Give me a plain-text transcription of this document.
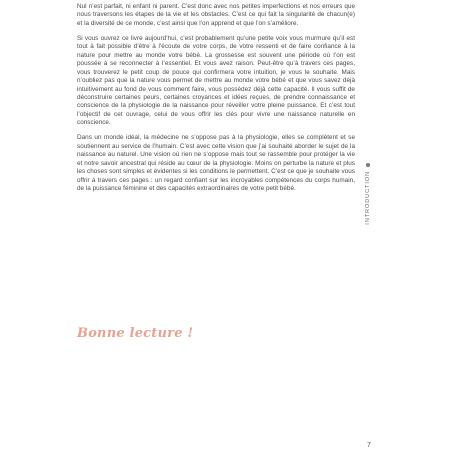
Nul n’est parfait, ni enfant ni parent. C’est donc avec nos petites imperfections et nos erreurs que nous traversons les étapes de la vie et les obstacles. C’est ce qui fait la singularité de chacun(e) et la diversité de ce monde, c’est ainsi que l’on apprend et que l’on s’améliore.

Si vous ouvrez ce livre aujourd’hui, c’est probablement qu’une petite voix vous murmure qu’il est tout à fait possible d’être à l’écoute de votre corps, de votre ressenti et de faire confiance à la nature pour mettre au monde votre bébé. La grossesse est souvent une période où l’on est poussée à se reconnecter à l’essentiel. Et vous avez raison. Peut-être qu’à travers ces pages, vous trouverez le petit coup de pouce qui confirmera votre intuition, je vous le souhaite. Mais n’oubliez pas que la nature vous permet de mettre au monde votre bébé et que vous savez déjà intuitivement au fond de vous comment faire, vous possédez déjà cette capacité. Il vous suffit de déconstruire certaines peurs, certaines croyances et idées reçues, de prendre connaissance et conscience de la physiologie de la naissance pour réveiller votre pleine puissance. Et c’est tout l’objectif de cet ouvrage, celui de vous offrir les clés pour vivre une naissance naturelle en conscience.

Dans un monde idéal, la médecine ne s’oppose pas à la physiologie, elles se complètent et se soutiennent au service de l’humain. C’est avec cette vision que j’ai souhaité aborder le sujet de la naissance au naturel. Une vision où rien ne s’oppose mais tout se rassemble pour protéger la vie et notre savoir ancestral qui réside au cœur de la physiologie. Moins on perturbe la nature et plus les choses sont simples et évidentes si les conditions le permettent. C’est ce que je souhaite vous offrir à travers ces pages : un regard confiant sur les incroyables compétences du corps humain, de la puissance féminine et des capacités extraordinaires de votre petit bébé.

Bonne lecture !
INTRODUCTION
7
